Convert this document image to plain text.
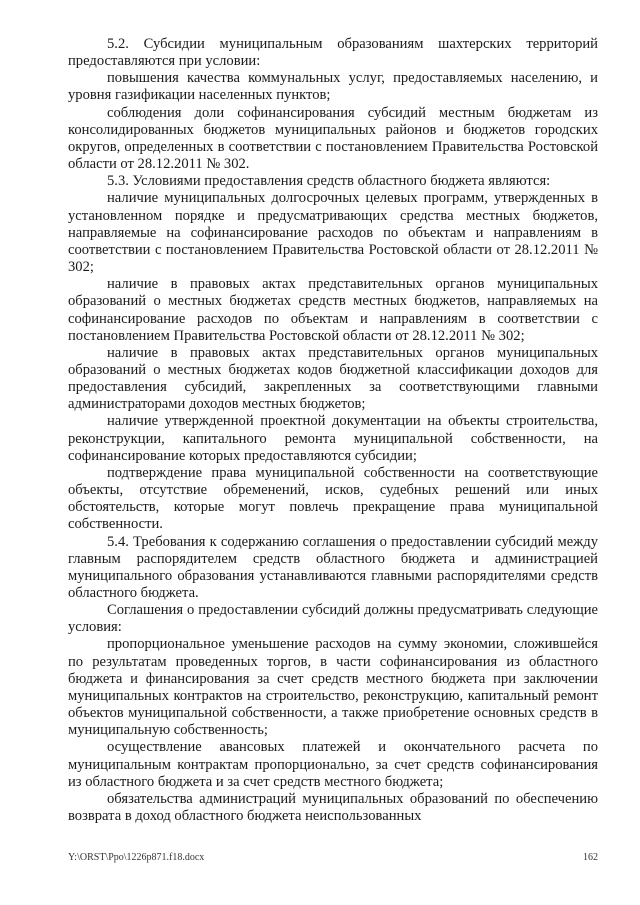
5.2. Субсидии муниципальным образованиям шахтерских территорий предоставляются при условии:

повышения качества коммунальных услуг, предоставляемых населению, и уровня газификации населенных пунктов;

соблюдения доли софинансирования субсидий местным бюджетам из консолидированных бюджетов муниципальных районов и бюджетов городских округов, определенных в соответствии с постановлением Правительства Ростовской области от 28.12.2011 № 302.

5.3. Условиями предоставления средств областного бюджета являются:

наличие муниципальных долгосрочных целевых программ, утвержденных в установленном порядке и предусматривающих средства местных бюджетов, направляемые на софинансирование расходов по объектам и направлениям в соответствии с постановлением Правительства Ростовской области от 28.12.2011 № 302;

наличие в правовых актах представительных органов муниципальных образований о местных бюджетах средств местных бюджетов, направляемых на софинансирование расходов по объектам и направлениям в соответствии с постановлением Правительства Ростовской области от 28.12.2011 № 302;

наличие в правовых актах представительных органов муниципальных образований о местных бюджетах кодов бюджетной классификации доходов для предоставления субсидий, закрепленных за соответствующими главными администраторами доходов местных бюджетов;

наличие утвержденной проектной документации на объекты строительства, реконструкции, капитального ремонта муниципальной собственности, на софинансирование которых предоставляются субсидии;

подтверждение права муниципальной собственности на соответствующие объекты, отсутствие обременений, исков, судебных решений или иных обстоятельств, которые могут повлечь прекращение права муниципальной собственности.

5.4. Требования к содержанию соглашения о предоставлении субсидий между главным распорядителем средств областного бюджета и администрацией муниципального образования устанавливаются главными распорядителями средств областного бюджета.

Соглашения о предоставлении субсидий должны предусматривать следующие условия:

пропорциональное уменьшение расходов на сумму экономии, сложившейся по результатам проведенных торгов, в части софинансирования из областного бюджета и финансирования за счет средств местного бюджета при заключении муниципальных контрактов на строительство, реконструкцию, капитальный ремонт объектов муниципальной собственности, а также приобретение основных средств в муниципальную собственность;

осуществление авансовых платежей и окончательного расчета по муниципальным контрактам пропорционально, за счет средств софинансирования из областного бюджета и за счет средств местного бюджета;

обязательства администраций муниципальных образований по обеспечению возврата в доход областного бюджета неиспользованных

Y:\ORST\Ppo\1226p871.f18.docx	162
